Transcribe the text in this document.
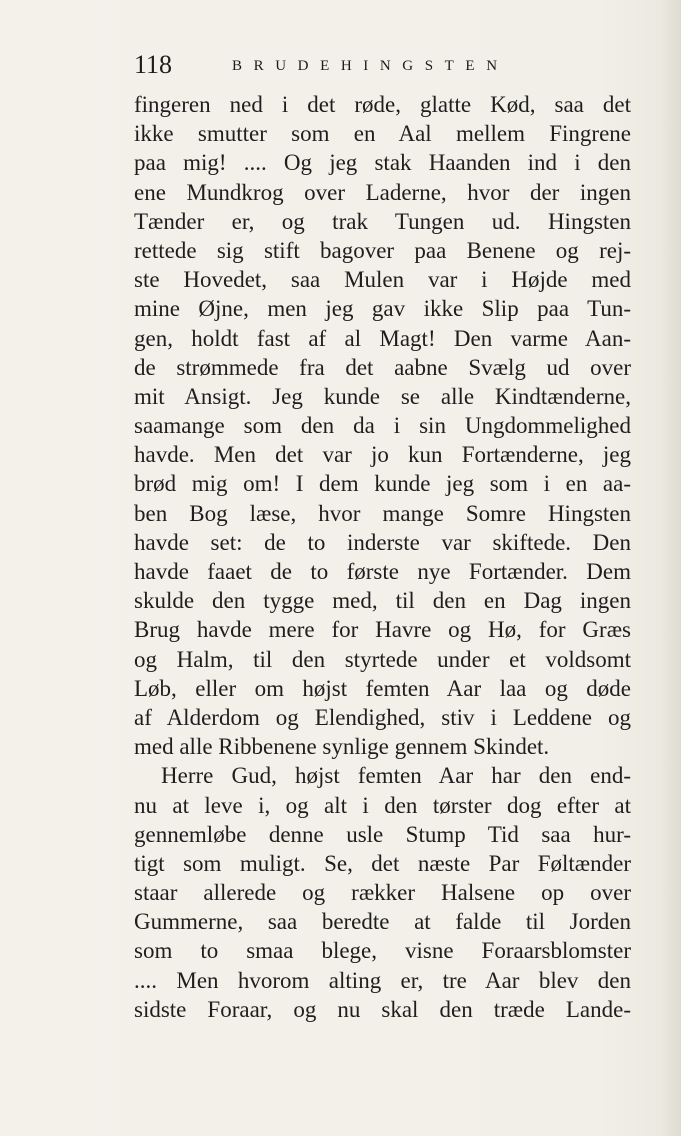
118	BRUDEHINGSTEN
fingeren ned i det røde, glatte Kød, saa det
ikke smutter som en Aal mellem Fingrene
paa mig! .... Og jeg stak Haanden ind i den
ene Mundkrog over Laderne, hvor der ingen
Tænder er, og trak Tungen ud. Hingsten
rettede sig stift bagover paa Benene og rej-
ste Hovedet, saa Mulen var i Højde med
mine Øjne, men jeg gav ikke Slip paa Tun-
gen, holdt fast af al Magt! Den varme Aan-
de strømmede fra det aabne Svælg ud over
mit Ansigt. Jeg kunde se alle Kindtænderne,
saamange som den da i sin Ungdommelighed
havde. Men det var jo kun Fortænderne, jeg
brød mig om! I dem kunde jeg som i en aa-
ben Bog læse, hvor mange Somre Hingsten
havde set: de to inderste var skiftede. Den
havde faaet de to første nye Fortænder. Dem
skulde den tygge med, til den en Dag ingen
Brug havde mere for Havre og Hø, for Græs
og Halm, til den styrtede under et voldsomt
Løb, eller om højst femten Aar laa og døde
af Alderdom og Elendighed, stiv i Leddene og
med alle Ribbenene synlige gennem Skindet.
Herre Gud, højst femten Aar har den end-
nu at leve i, og alt i den tørster dog efter at
gennemløbe denne usle Stump Tid saa hur-
tigt som muligt. Se, det næste Par Føltænder
staar allerede og rækker Halsene op over
Gummerne, saa beredte at falde til Jorden
som to smaa blege, visne Foraarsblomster
.... Men hvorom alting er, tre Aar blev den
sidste Foraar, og nu skal den træde Lande-
